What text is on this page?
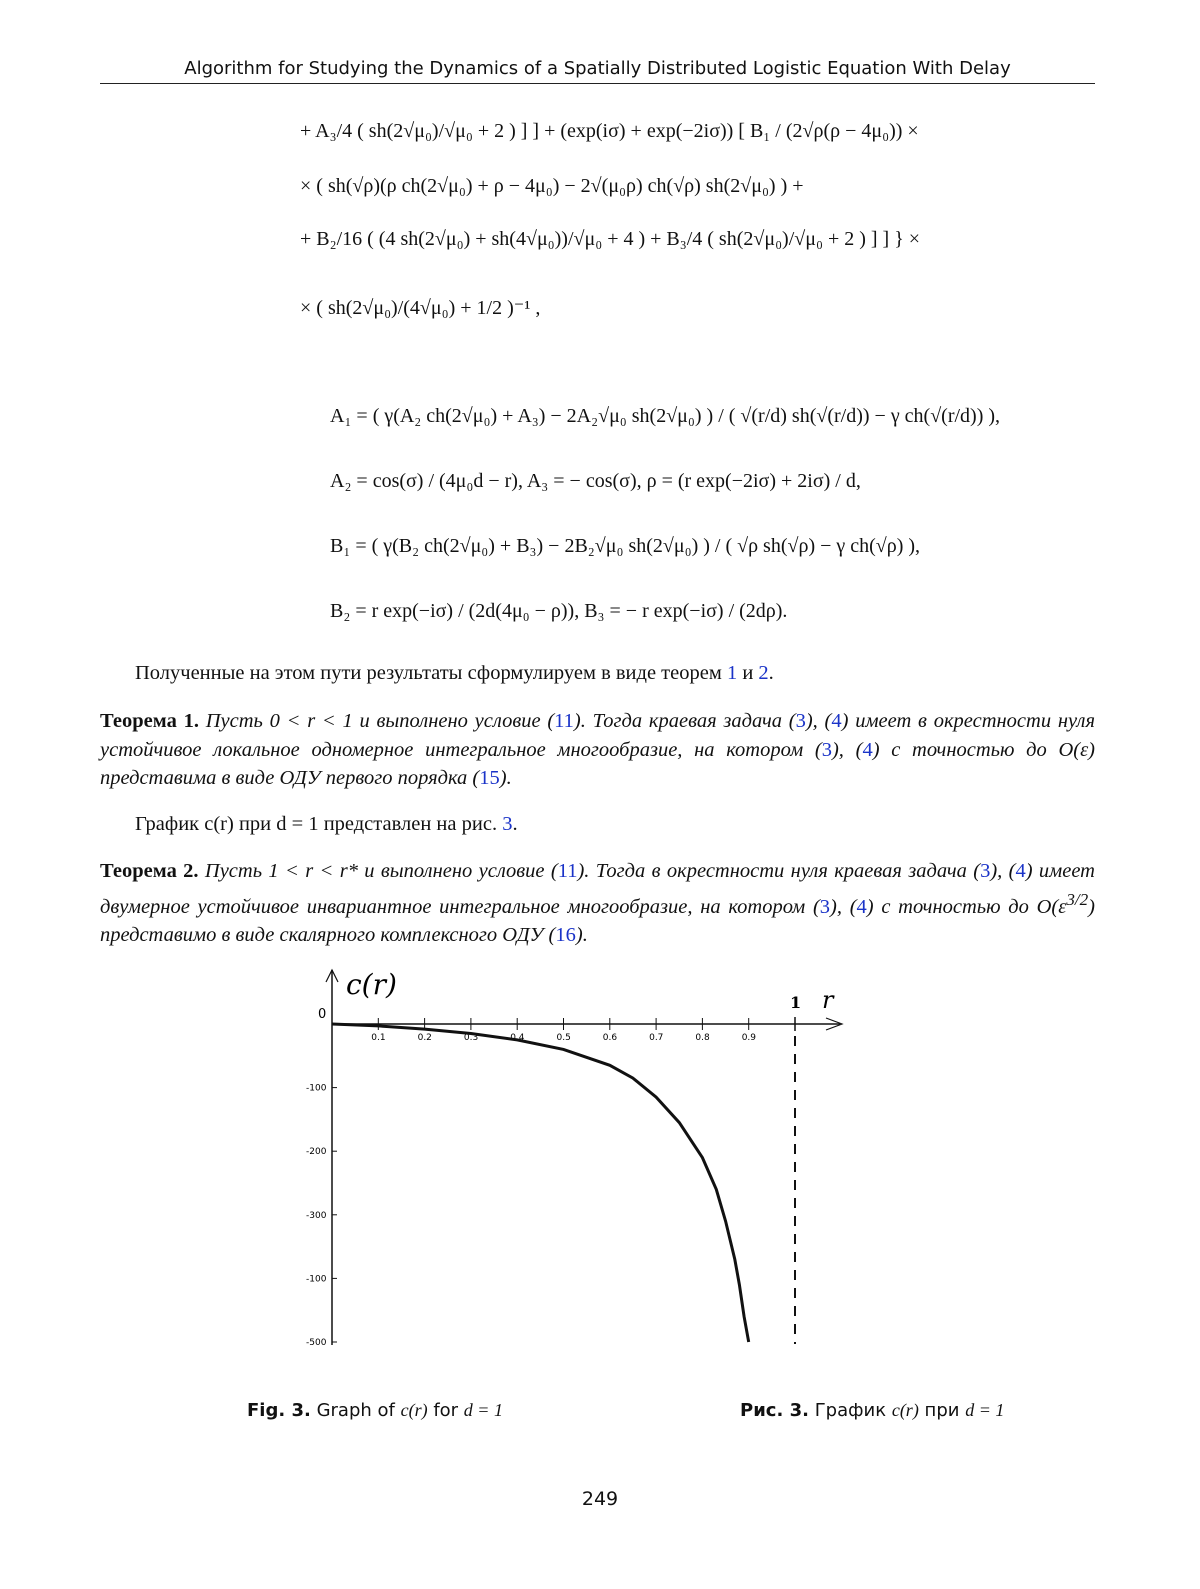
Algorithm for Studying the Dynamics of a Spatially Distributed Logistic Equation With Delay
+ A₃/4 ( sh(2√μ₀)/√μ₀ + 2 ) ] ] + (exp(iσ) + exp(−2iσ)) [ B₁ / (2√ρ(ρ − 4μ₀)) ×
× ( sh(√ρ)(ρ ch(2√μ₀) + ρ − 4μ₀) − 2√(μ₀ρ) ch(√ρ) sh(2√μ₀) ) +
+ B₂/16 ( (4 sh(2√μ₀) + sh(4√μ₀))/√μ₀ + 4 ) + B₃/4 ( sh(2√μ₀)/√μ₀ + 2 ) ] ] } ×
× ( sh(2√μ₀)/(4√μ₀) + 1/2 )⁻¹ ,
A₁ = ( γ(A₂ ch(2√μ₀) + A₃) − 2A₂√μ₀ sh(2√μ₀) ) / ( √(r/d) sh(√(r/d)) − γ ch(√(r/d)) ),
A₂ = cos(σ) / (4μ₀d − r), A₃ = − cos(σ), ρ = (r exp(−2iσ) + 2iσ) / d,
B₁ = ( γ(B₂ ch(2√μ₀) + B₃) − 2B₂√μ₀ sh(2√μ₀) ) / ( √ρ sh(√ρ) − γ ch(√ρ) ),
B₂ = r exp(−iσ) / (2d(4μ₀ − ρ)), B₃ = − r exp(−iσ) / (2dρ).
Полученные на этом пути результаты сформулируем в виде теорем 1 и 2.
Теорема 1. Пусть 0 < r < 1 и выполнено условие (11). Тогда краевая задача (3), (4) имеет в окрестности нуля устойчивое локальное одномерное интегральное многообразие, на котором (3), (4) с точностью до O(ε) представима в виде ОДУ первого порядка (15).
График c(r) при d = 1 представлен на рис. 3.
Теорема 2. Пусть 1 < r < r* и выполнено условие (11). Тогда в окрестности нуля краевая задача (3), (4) имеет двумерное устойчивое инвариантное интегральное многообразие, на котором (3), (4) с точностью до $O(\varepsilon^{3/2})$ представимо в виде скалярного комплексного ОДУ (16).
c(r)	r
1
0.1	0.2	0.3	0.4	0.5	0.6	0.7	0.8	0.9
0
-100
-200
-300
-100
-500
Fig. 3. Graph of c(r) for d = 1	Рис. 3. График c(r) при d = 1
249
